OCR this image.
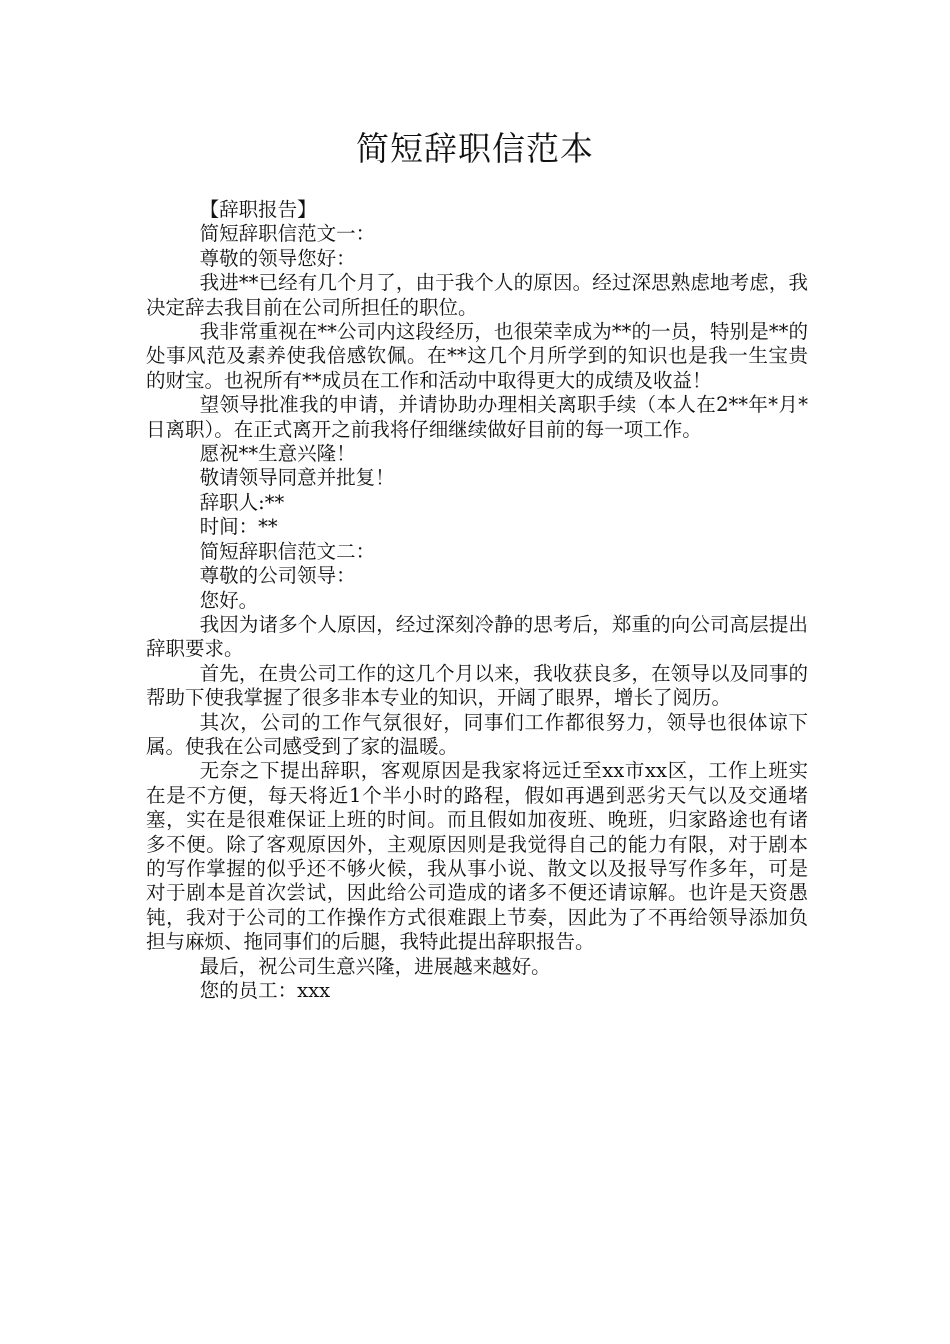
简短辞职信范本

【辞职报告】

简短辞职信范文一：

尊敬的领导您好：

我进**已经有几个月了，由于我个人的原因。经过深思熟虑地考虑，我决定辞去我目前在公司所担任的职位。

我非常重视在**公司内这段经历，也很荣幸成为**的一员，特别是**的处事风范及素养使我倍感钦佩。在**这几个月所学到的知识也是我一生宝贵的财宝。也祝所有**成员在工作和活动中取得更大的成绩及收益！

望领导批准我的申请，并请协助办理相关离职手续（本人在2**年*月*日离职）。在正式离开之前我将仔细继续做好目前的每一项工作。

愿祝**生意兴隆！

敬请领导同意并批复！

辞职人:**

时间：**

简短辞职信范文二：

尊敬的公司领导：

您好。

我因为诸多个人原因，经过深刻冷静的思考后，郑重的向公司高层提出辞职要求。

首先，在贵公司工作的这几个月以来，我收获良多，在领导以及同事的帮助下使我掌握了很多非本专业的知识，开阔了眼界，增长了阅历。

其次，公司的工作气氛很好，同事们工作都很努力，领导也很体谅下属。使我在公司感受到了家的温暖。

无奈之下提出辞职，客观原因是我家将远迁至xx市xx区，工作上班实在是不方便，每天将近1个半小时的路程，假如再遇到恶劣天气以及交通堵塞，实在是很难保证上班的时间。而且假如加夜班、晚班，归家路途也有诸多不便。除了客观原因外，主观原因则是我觉得自己的能力有限，对于剧本的写作掌握的似乎还不够火候，我从事小说、散文以及报导写作多年，可是对于剧本是首次尝试，因此给公司造成的诸多不便还请谅解。也许是天资愚钝，我对于公司的工作操作方式很难跟上节奏，因此为了不再给领导添加负担与麻烦、拖同事们的后腿，我特此提出辞职报告。

最后，祝公司生意兴隆，进展越来越好。

您的员工：xxx
